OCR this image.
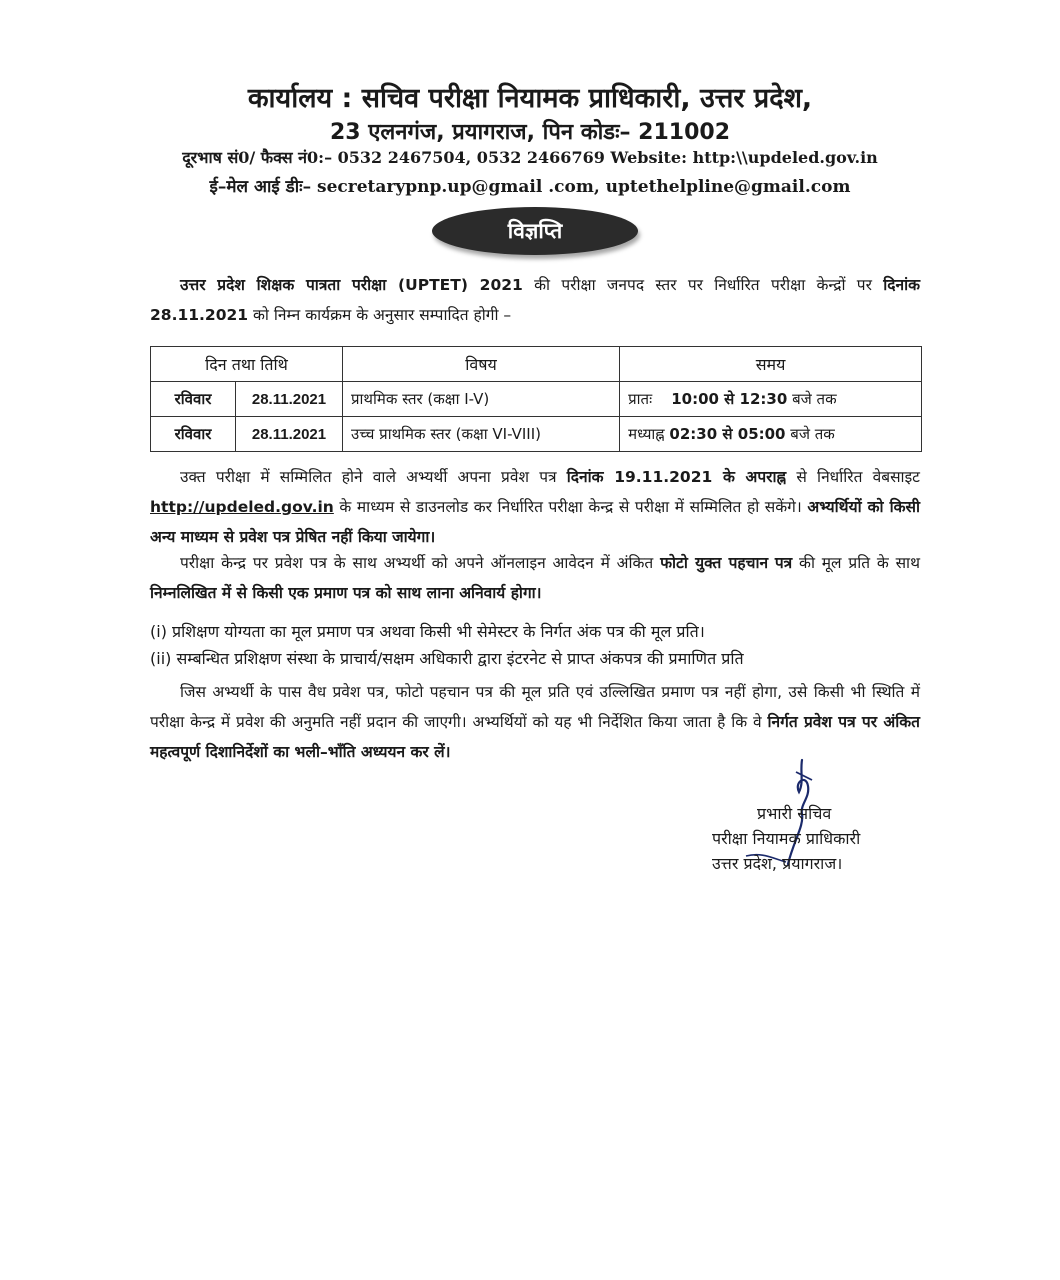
कार्यालय : सचिव परीक्षा नियामक प्राधिकारी, उत्तर प्रदेश,
23 एलनगंज, प्रयागराज, पिन कोडः– 211002
दूरभाष सं0/ फैक्स नं0:– 0532 2467504, 0532 2466769 Website: http:\\updeled.gov.in
ई–मेल आई डीः– secretarypnp.up@gmail .com, uptethelpline@gmail.com
विज्ञप्ति
उत्तर प्रदेश शिक्षक पात्रता परीक्षा (UPTET) 2021 की परीक्षा जनपद स्तर पर निर्धारित परीक्षा केन्द्रों पर दिनांक 28.11.2021 को निम्न कार्यक्रम के अनुसार सम्पादित होगी –
दिन तथा तिथि		विषय	समय
रविवार	28.11.2021	प्राथमिक स्तर (कक्षा I-V)	प्रातः 10:00 से 12:30 बजे तक
रविवार	28.11.2021	उच्च प्राथमिक स्तर (कक्षा VI-VIII)	मध्याह्न 02:30 से 05:00 बजे तक
उक्त परीक्षा में सम्मिलित होने वाले अभ्यर्थी अपना प्रवेश पत्र दिनांक 19.11.2021 के अपराह्न से निर्धारित वेबसाइट http://updeled.gov.in के माध्यम से डाउनलोड कर निर्धारित परीक्षा केन्द्र से परीक्षा में सम्मिलित हो सकेंगे। अभ्यर्थियों को किसी अन्य माध्यम से प्रवेश पत्र प्रेषित नहीं किया जायेगा।
परीक्षा केन्द्र पर प्रवेश पत्र के साथ अभ्यर्थी को अपने ऑनलाइन आवेदन में अंकित फोटो युक्त पहचान पत्र की मूल प्रति के साथ निम्नलिखित में से किसी एक प्रमाण पत्र को साथ लाना अनिवार्य होगा।
(i) प्रशिक्षण योग्यता का मूल प्रमाण पत्र अथवा किसी भी सेमेस्टर के निर्गत अंक पत्र की मूल प्रति।
(ii) सम्बन्धित प्रशिक्षण संस्था के प्राचार्य/सक्षम अधिकारी द्वारा इंटरनेट से प्राप्त अंकपत्र की प्रमाणित प्रति
जिस अभ्यर्थी के पास वैध प्रवेश पत्र, फोटो पहचान पत्र की मूल प्रति एवं उल्लिखित प्रमाण पत्र नहीं होगा, उसे किसी भी स्थिति में परीक्षा केन्द्र में प्रवेश की अनुमति नहीं प्रदान की जाएगी। अभ्यर्थियों को यह भी निर्देशित किया जाता है कि वे निर्गत प्रवेश पत्र पर अंकित महत्वपूर्ण दिशानिर्देशों का भली–भाँति अध्ययन कर लें।
प्रभारी सचिव
परीक्षा नियामक प्राधिकारी
उत्तर प्रदेश, प्रयागराज।
